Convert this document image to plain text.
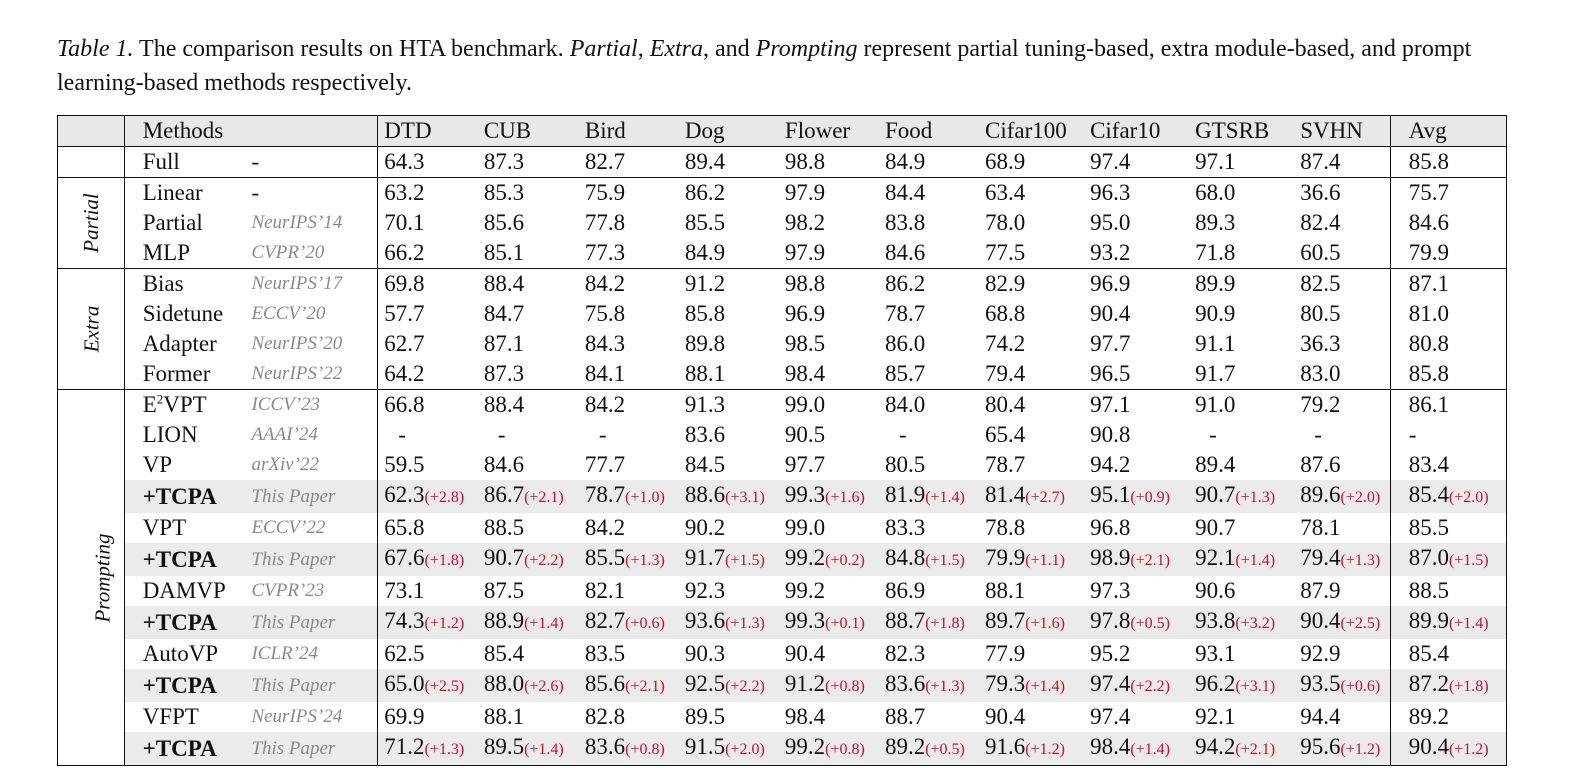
Table 1. The comparison results on HTA benchmark. Partial, Extra, and Prompting represent partial tuning-based, extra module-based, and prompt learning-based methods respectively.
	Methods		DTD	CUB	Bird	Dog	Flower	Food	Cifar100	Cifar10	GTSRB	SVHN	Avg
	Full	-	64.3	87.3	82.7	89.4	98.8	84.9	68.9	97.4	97.1	87.4	85.8
Partial	Linear	-	63.2	85.3	75.9	86.2	97.9	84.4	63.4	96.3	68.0	36.6	75.7
	Partial	NeurIPS’14	70.1	85.6	77.8	85.5	98.2	83.8	78.0	95.0	89.3	82.4	84.6
	MLP	CVPR’20	66.2	85.1	77.3	84.9	97.9	84.6	77.5	93.2	71.8	60.5	79.9
Extra	Bias	NeurIPS’17	69.8	88.4	84.2	91.2	98.8	86.2	82.9	96.9	89.9	82.5	87.1
	Sidetune	ECCV’20	57.7	84.7	75.8	85.8	96.9	78.7	68.8	90.4	90.9	80.5	81.0
	Adapter	NeurIPS’20	62.7	87.1	84.3	89.8	98.5	86.0	74.2	97.7	91.1	36.3	80.8
	Former	NeurIPS’22	64.2	87.3	84.1	88.1	98.4	85.7	79.4	96.5	91.7	83.0	85.8
Prompting	$E^2VPT$	ICCV’23	66.8	88.4	84.2	91.3	99.0	84.0	80.4	97.1	91.0	79.2	86.1
	LION	AAAI’24	-	-	-	83.6	90.5	-	65.4	90.8	-	-	-
	VP	arXiv’22	59.5	84.6	77.7	84.5	97.7	80.5	78.7	94.2	89.4	87.6	83.4
	+TCPA	This Paper	62.3(+2.8)	86.7(+2.1)	78.7(+1.0)	88.6(+3.1)	99.3(+1.6)	81.9(+1.4)	81.4(+2.7)	95.1(+0.9)	90.7(+1.3)	89.6(+2.0)	85.4(+2.0)
	VPT	ECCV’22	65.8	88.5	84.2	90.2	99.0	83.3	78.8	96.8	90.7	78.1	85.5
	+TCPA	This Paper	67.6(+1.8)	90.7(+2.2)	85.5(+1.3)	91.7(+1.5)	99.2(+0.2)	84.8(+1.5)	79.9(+1.1)	98.9(+2.1)	92.1(+1.4)	79.4(+1.3)	87.0(+1.5)
	DAMVP	CVPR’23	73.1	87.5	82.1	92.3	99.2	86.9	88.1	97.3	90.6	87.9	88.5
	+TCPA	This Paper	74.3(+1.2)	88.9(+1.4)	82.7(+0.6)	93.6(+1.3)	99.3(+0.1)	88.7(+1.8)	89.7(+1.6)	97.8(+0.5)	93.8(+3.2)	90.4(+2.5)	89.9(+1.4)
	AutoVP	ICLR’24	62.5	85.4	83.5	90.3	90.4	82.3	77.9	95.2	93.1	92.9	85.4
	+TCPA	This Paper	65.0(+2.5)	88.0(+2.6)	85.6(+2.1)	92.5(+2.2)	91.2(+0.8)	83.6(+1.3)	79.3(+1.4)	97.4(+2.2)	96.2(+3.1)	93.5(+0.6)	87.2(+1.8)
	VFPT	NeurIPS’24	69.9	88.1	82.8	89.5	98.4	88.7	90.4	97.4	92.1	94.4	89.2
	+TCPA	This Paper	71.2(+1.3)	89.5(+1.4)	83.6(+0.8)	91.5(+2.0)	99.2(+0.8)	89.2(+0.5)	91.6(+1.2)	98.4(+1.4)	94.2(+2.1)	95.6(+1.2)	90.4(+1.2)
